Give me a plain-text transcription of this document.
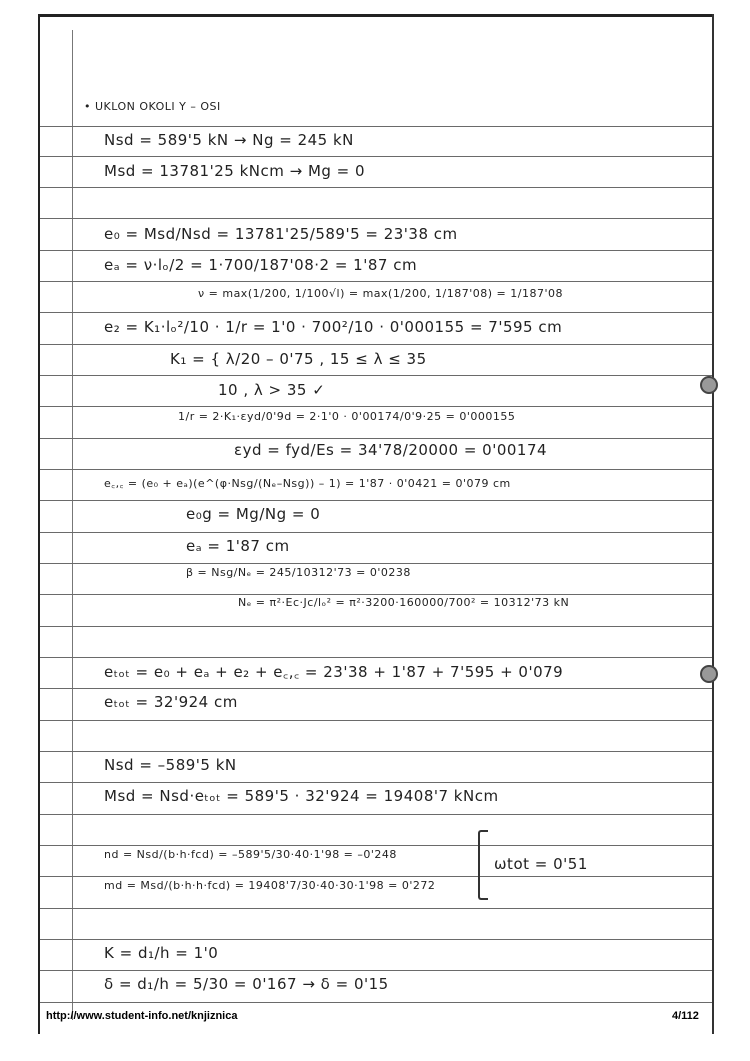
• UKLON OKOLI Y – OSI
Nsd = 589'5 kN → Ng = 245 kN
Msd = 13781'25 kNcm → Mg = 0
e₀ = Msd/Nsd = 13781'25/589'5 = 23'38 cm
eₐ = ν·lₒ/2 = 1·700/187'08·2 = 1'87 cm
ν = max(1/200, 1/100√l) = max(1/200, 1/187'08) = 1/187'08
e₂ = K₁·lₒ²/10 · 1/r = 1'0 · 700²/10 · 0'000155 = 7'595 cm
K₁ = { λ/20 – 0'75 , 15 ≤ λ ≤ 35
10 , λ > 35 ✓
1/r = 2·K₁·εyd/0'9d = 2·1'0 · 0'00174/0'9·25 = 0'000155
εyd = fyd/Es = 34'78/20000 = 0'00174
e꜀,꜀ = (e₀ + eₐ)(e^(φ·Nsg/(Nₑ–Nsg)) – 1) = 1'87 · 0'0421 = 0'079 cm
e₀g = Mg/Ng = 0
eₐ = 1'87 cm
β = Nsg/Nₑ = 245/10312'73 = 0'0238
Nₑ = π²·Ec·Jc/lₒ² = π²·3200·160000/700² = 10312'73 kN
eₜₒₜ = e₀ + eₐ + e₂ + e꜀,꜀ = 23'38 + 1'87 + 7'595 + 0'079
eₜₒₜ = 32'924 cm
Nsd = –589'5 kN
Msd = Nsd·eₜₒₜ = 589'5 · 32'924 = 19408'7 kNcm
nd = Nsd/(b·h·fcd) = –589'5/30·40·1'98 = –0'248
md = Msd/(b·h·h·fcd) = 19408'7/30·40·30·1'98 = 0'272
ωtot = 0'51
K = d₁/h = 1'0
δ = d₁/h = 5/30 = 0'167 → δ = 0'15
http://www.student-info.net/knjiznica	4/112
